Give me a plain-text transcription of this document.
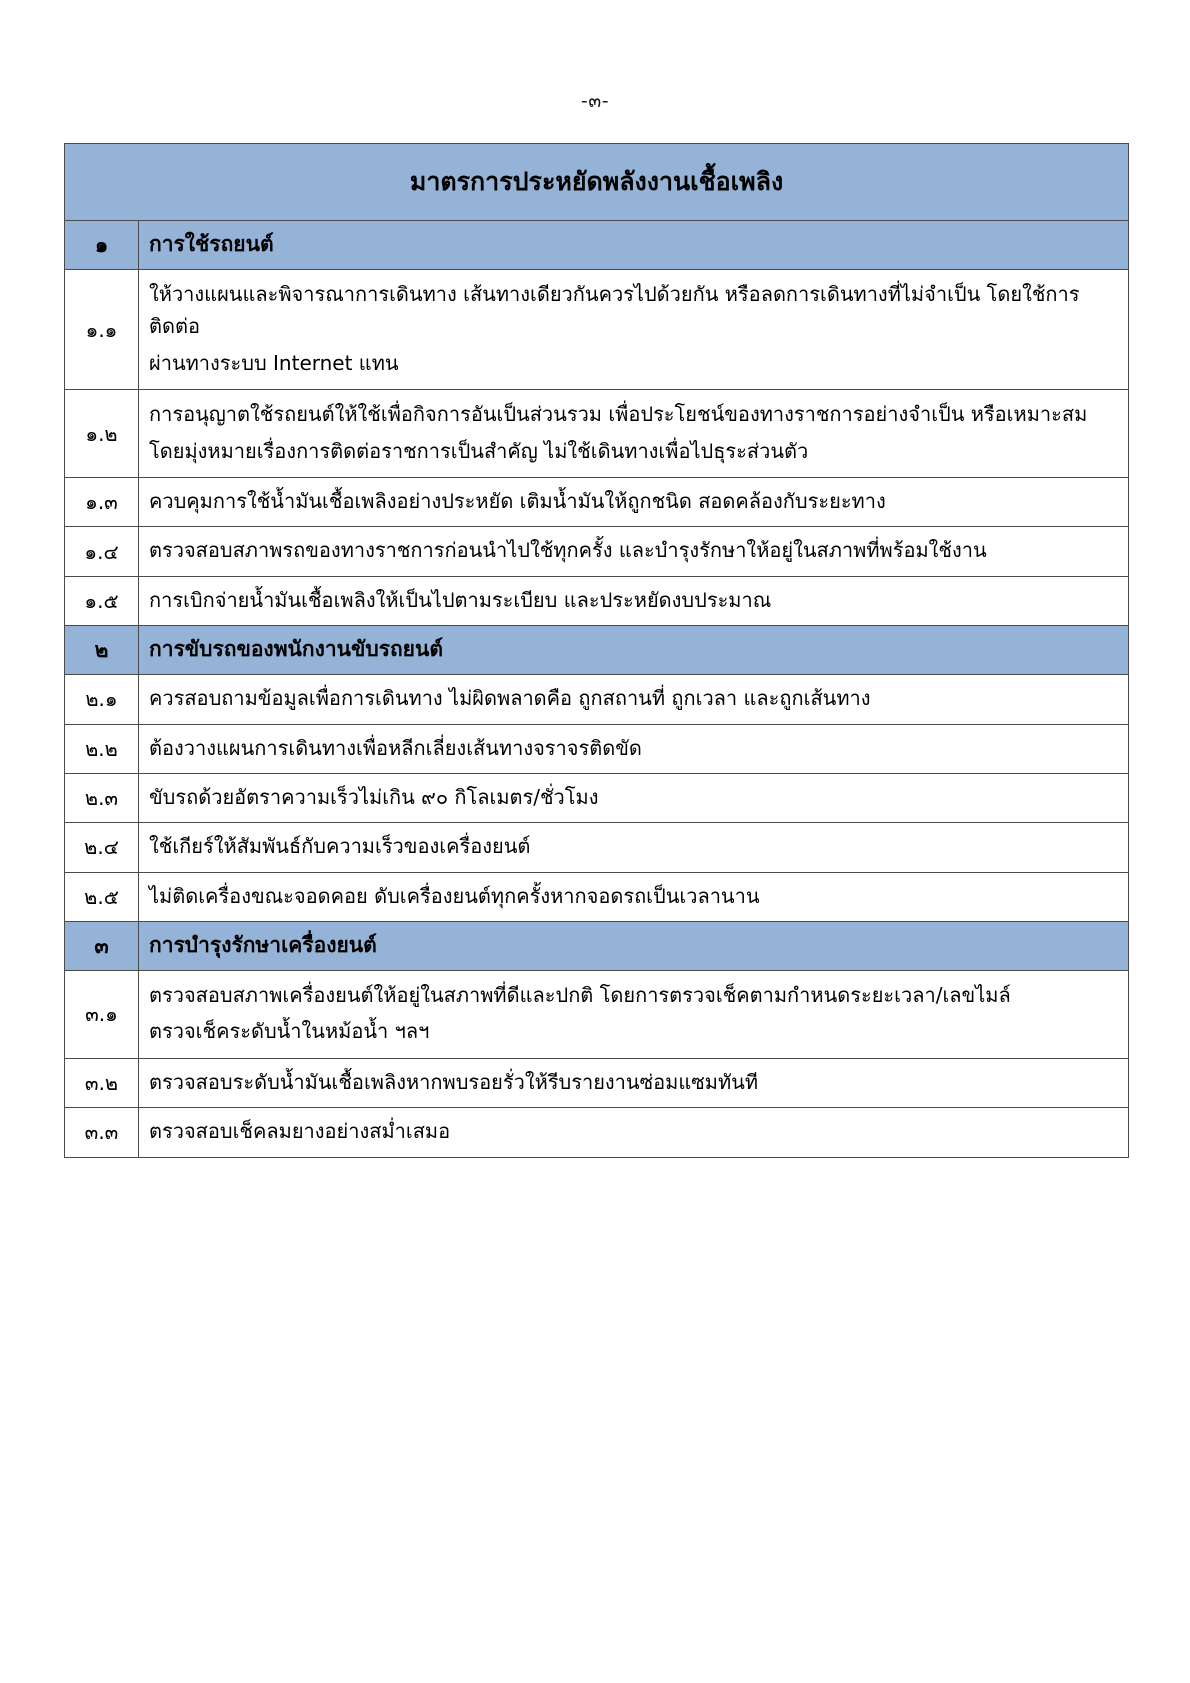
-๓-
มาตรการประหยัดพลังงานเชื้อเพลิง	
๑	การใช้รถยนต์
๑.๑	ให้วางแผนและพิจารณาการเดินทาง เส้นทางเดียวกันควรไปด้วยกัน หรือลดการเดินทางที่ไม่จำเป็น โดยใช้การติดต่อ
ผ่านทางระบบ Internet แทน

๑.๒	การอนุญาตใช้รถยนต์ให้ใช้เพื่อกิจการอันเป็นส่วนรวม เพื่อประโยชน์ของทางราชการอย่างจำเป็น หรือเหมาะสม
โดยมุ่งหมายเรื่องการติดต่อราชการเป็นสำคัญ ไม่ใช้เดินทางเพื่อไปธุระส่วนตัว

๑.๓	ควบคุมการใช้น้ำมันเชื้อเพลิงอย่างประหยัด เติมน้ำมันให้ถูกชนิด สอดคล้องกับระยะทาง

๑.๔	ตรวจสอบสภาพรถของทางราชการก่อนนำไปใช้ทุกครั้ง และบำรุงรักษาให้อยู่ในสภาพที่พร้อมใช้งาน

๑.๕	การเบิกจ่ายน้ำมันเชื้อเพลิงให้เป็นไปตามระเบียบ และประหยัดงบประมาณ

๒	การขับรถของพนักงานขับรถยนต์
๒.๑	ควรสอบถามข้อมูลเพื่อการเดินทาง ไม่ผิดพลาดคือ ถูกสถานที่ ถูกเวลา และถูกเส้นทาง

๒.๒	ต้องวางแผนการเดินทางเพื่อหลีกเลี่ยงเส้นทางจราจรติดขัด

๒.๓	ขับรถด้วยอัตราความเร็วไม่เกิน ๙๐ กิโลเมตร/ชั่วโมง

๒.๔	ใช้เกียร์ให้สัมพันธ์กับความเร็วของเครื่องยนต์

๒.๕	ไม่ติดเครื่องขณะจอดคอย ดับเครื่องยนต์ทุกครั้งหากจอดรถเป็นเวลานาน

๓	การบำรุงรักษาเครื่องยนต์
๓.๑	ตรวจสอบสภาพเครื่องยนต์ให้อยู่ในสภาพที่ดีและปกติ โดยการตรวจเช็คตามกำหนดระยะเวลา/เลขไมล์
ตรวจเช็คระดับน้ำในหม้อน้ำ ฯลฯ

๓.๒	ตรวจสอบระดับน้ำมันเชื้อเพลิงหากพบรอยรั่วให้รีบรายงานซ่อมแซมทันที

๓.๓	ตรวจสอบเช็คลมยางอย่างสม่ำเสมอ
